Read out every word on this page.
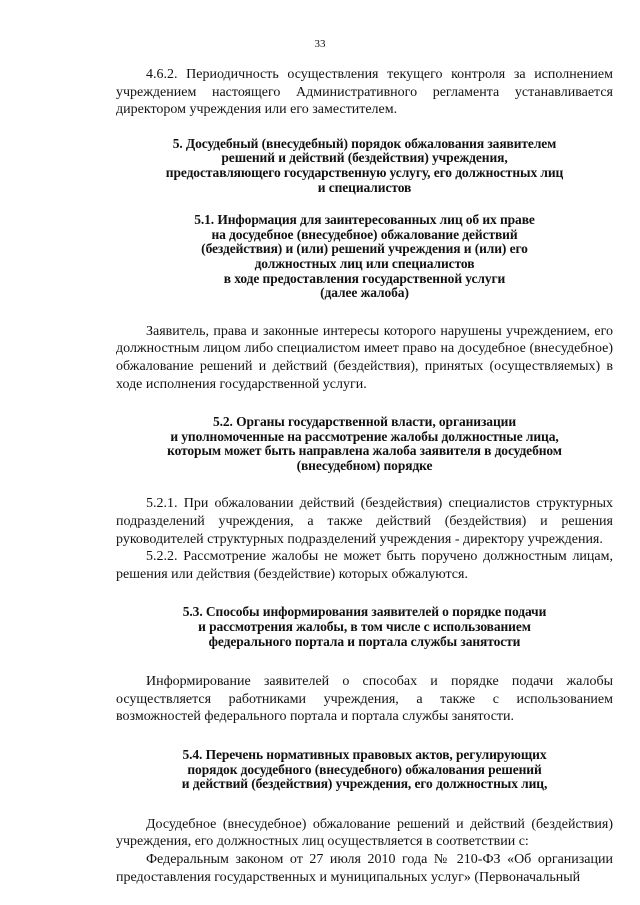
33

4.6.2. Периодичность осуществления текущего контроля за исполнением учреждением настоящего Административного регламента устанавливается директором учреждения или его заместителем.

5. Досудебный (внесудебный) порядок обжалования заявителем
решений и действий (бездействия) учреждения,
предоставляющего государственную услугу, его должностных лиц
и специалистов
5.1. Информация для заинтересованных лиц об их праве
на досудебное (внесудебное) обжалование действий
(бездействия) и (или) решений учреждения и (или) его
должностных лиц или специалистов
в ходе предоставления государственной услуги
(далее жалоба)

Заявитель, права и законные интересы которого нарушены учреждением, его должностным лицом либо специалистом имеет право на досудебное (внесудебное) обжалование решений и действий (бездействия), принятых (осуществляемых) в ходе исполнения государственной услуги.

5.2. Органы государственной власти, организации
и уполномоченные на рассмотрение жалобы должностные лица,
которым может быть направлена жалоба заявителя в досудебном
(внесудебном) порядке

5.2.1. При обжаловании действий (бездействия) специалистов структурных подразделений учреждения, а также действий (бездействия) и решения руководителей структурных подразделений учреждения - директору учреждения.

5.2.2. Рассмотрение жалобы не может быть поручено должностным лицам, решения или действия (бездействие) которых обжалуются.

5.3. Способы информирования заявителей о порядке подачи
и рассмотрения жалобы, в том числе с использованием
федерального портала и портала службы занятости

Информирование заявителей о способах и порядке подачи жалобы осуществляется работниками учреждения, а также с использованием возможностей федерального портала и портала службы занятости.

5.4. Перечень нормативных правовых актов, регулирующих
порядок досудебного (внесудебного) обжалования решений
и действий (бездействия) учреждения, его должностных лиц,

Досудебное (внесудебное) обжалование решений и действий (бездействия) учреждения, его должностных лиц осуществляется в соответствии с:

Федеральным законом от 27 июля 2010 года № 210-ФЗ «Об организации предоставления государственных и муниципальных услуг» (Первоначальный
